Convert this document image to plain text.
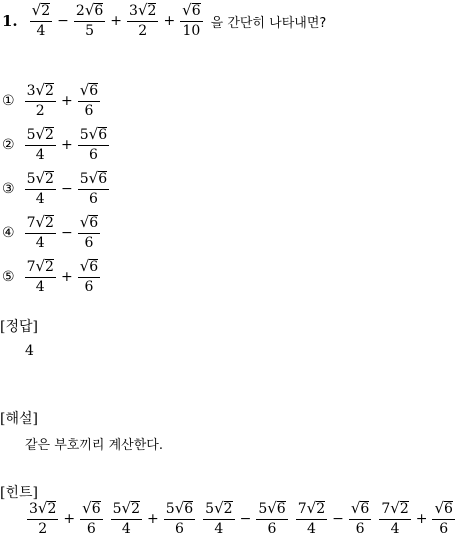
1. $\frac{√ 2}{4} - \frac{2 √ 6}{5} + \frac{3 √ 2}{2} + \frac{√ 6}{10}$ 을 간단히 나타내면?
① $\frac{3 √ 2}{2} + \frac{√ 6}{6}$
② $\frac{5 √ 2}{4} + \frac{5 √ 6}{6}$
③ $\frac{5 √ 2}{4} - \frac{5 √ 6}{6}$
④ $\frac{7 √ 2}{4} - \frac{√ 6}{6}$
⑤ $\frac{7 √ 2}{4} + \frac{√ 6}{6}$
[정답]
4
[해설]
같은 부호끼리 계산한다.
[힌트]
$\frac{3 √ 2}{2} + \frac{√ 6}{6} \frac{5 √ 2}{4} + \frac{5 √ 6}{6} \frac{5 √ 2}{4} - \frac{5 √ 6}{6} \frac{7 √ 2}{4} - \frac{√ 6}{6} \frac{7 √ 2}{4} + \frac{√ 6}{6}$
